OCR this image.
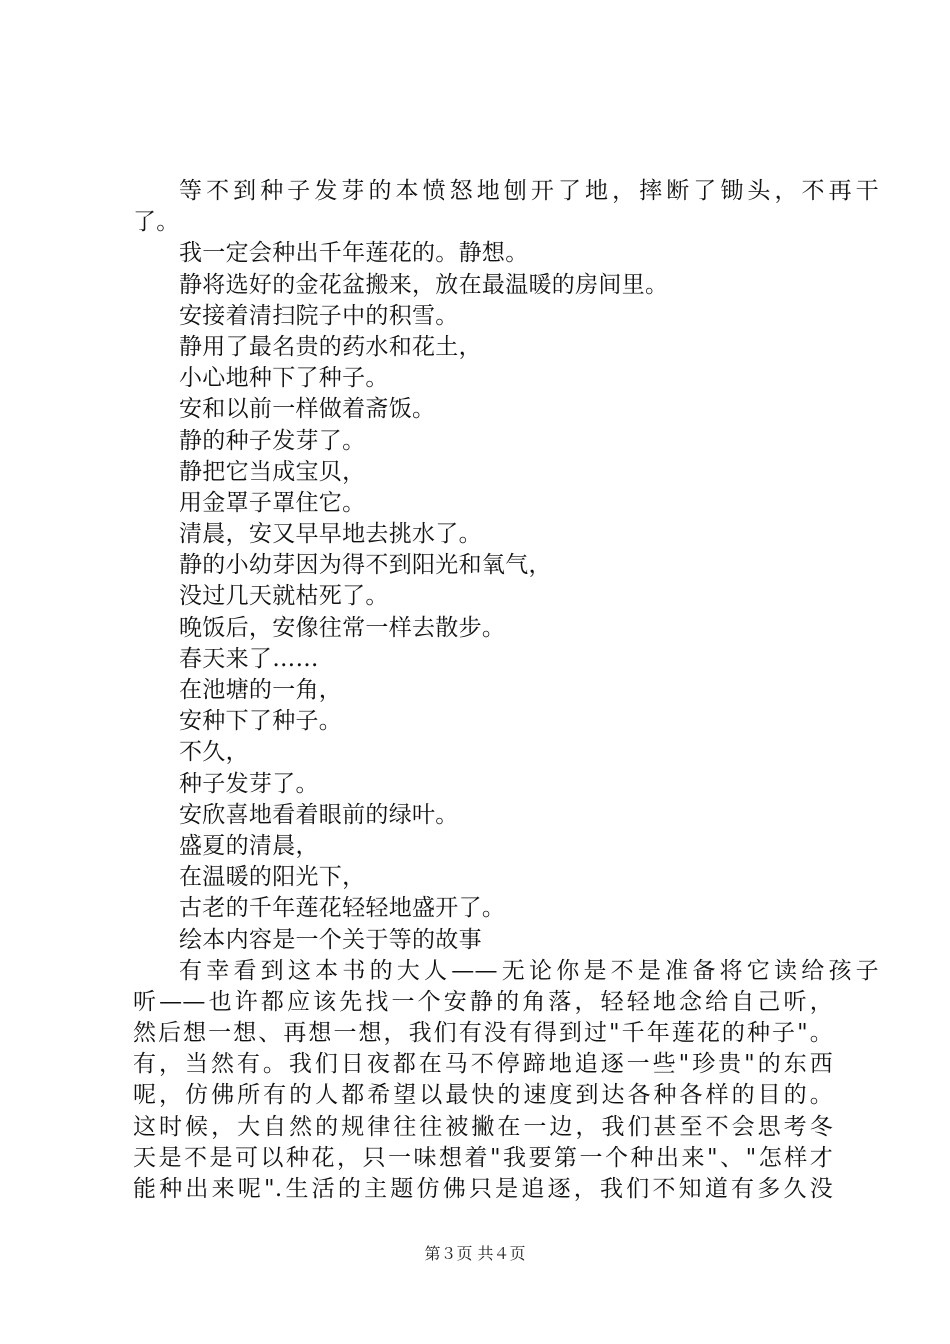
等不到种子发芽的本愤怒地刨开了地，摔断了锄头，不再干
了。
我一定会种出千年莲花的。静想。
静将选好的金花盆搬来，放在最温暖的房间里。
安接着清扫院子中的积雪。
静用了最名贵的药水和花土，
小心地种下了种子。
安和以前一样做着斋饭。
静的种子发芽了。
静把它当成宝贝，
用金罩子罩住它。
清晨，安又早早地去挑水了。
静的小幼芽因为得不到阳光和氧气，
没过几天就枯死了。
晚饭后，安像往常一样去散步。
春天来了……
在池塘的一角，
安种下了种子。
不久，
种子发芽了。
安欣喜地看着眼前的绿叶。
盛夏的清晨，
在温暖的阳光下，
古老的千年莲花轻轻地盛开了。
绘本内容是一个关于等的故事
有幸看到这本书的大人——无论你是不是准备将它读给孩子
听——也许都应该先找一个安静的角落，轻轻地念给自己听，
然后想一想、再想一想，我们有没有得到过"千年莲花的种子"。
有，当然有。我们日夜都在马不停蹄地追逐一些"珍贵"的东西
呢，仿佛所有的人都希望以最快的速度到达各种各样的目的。
这时候，大自然的规律往往被撇在一边，我们甚至不会思考冬
天是不是可以种花，只一味想着"我要第一个种出来"、"怎样才
能种出来呢".生活的主题仿佛只是追逐，我们不知道有多久没
第３页 共４页
